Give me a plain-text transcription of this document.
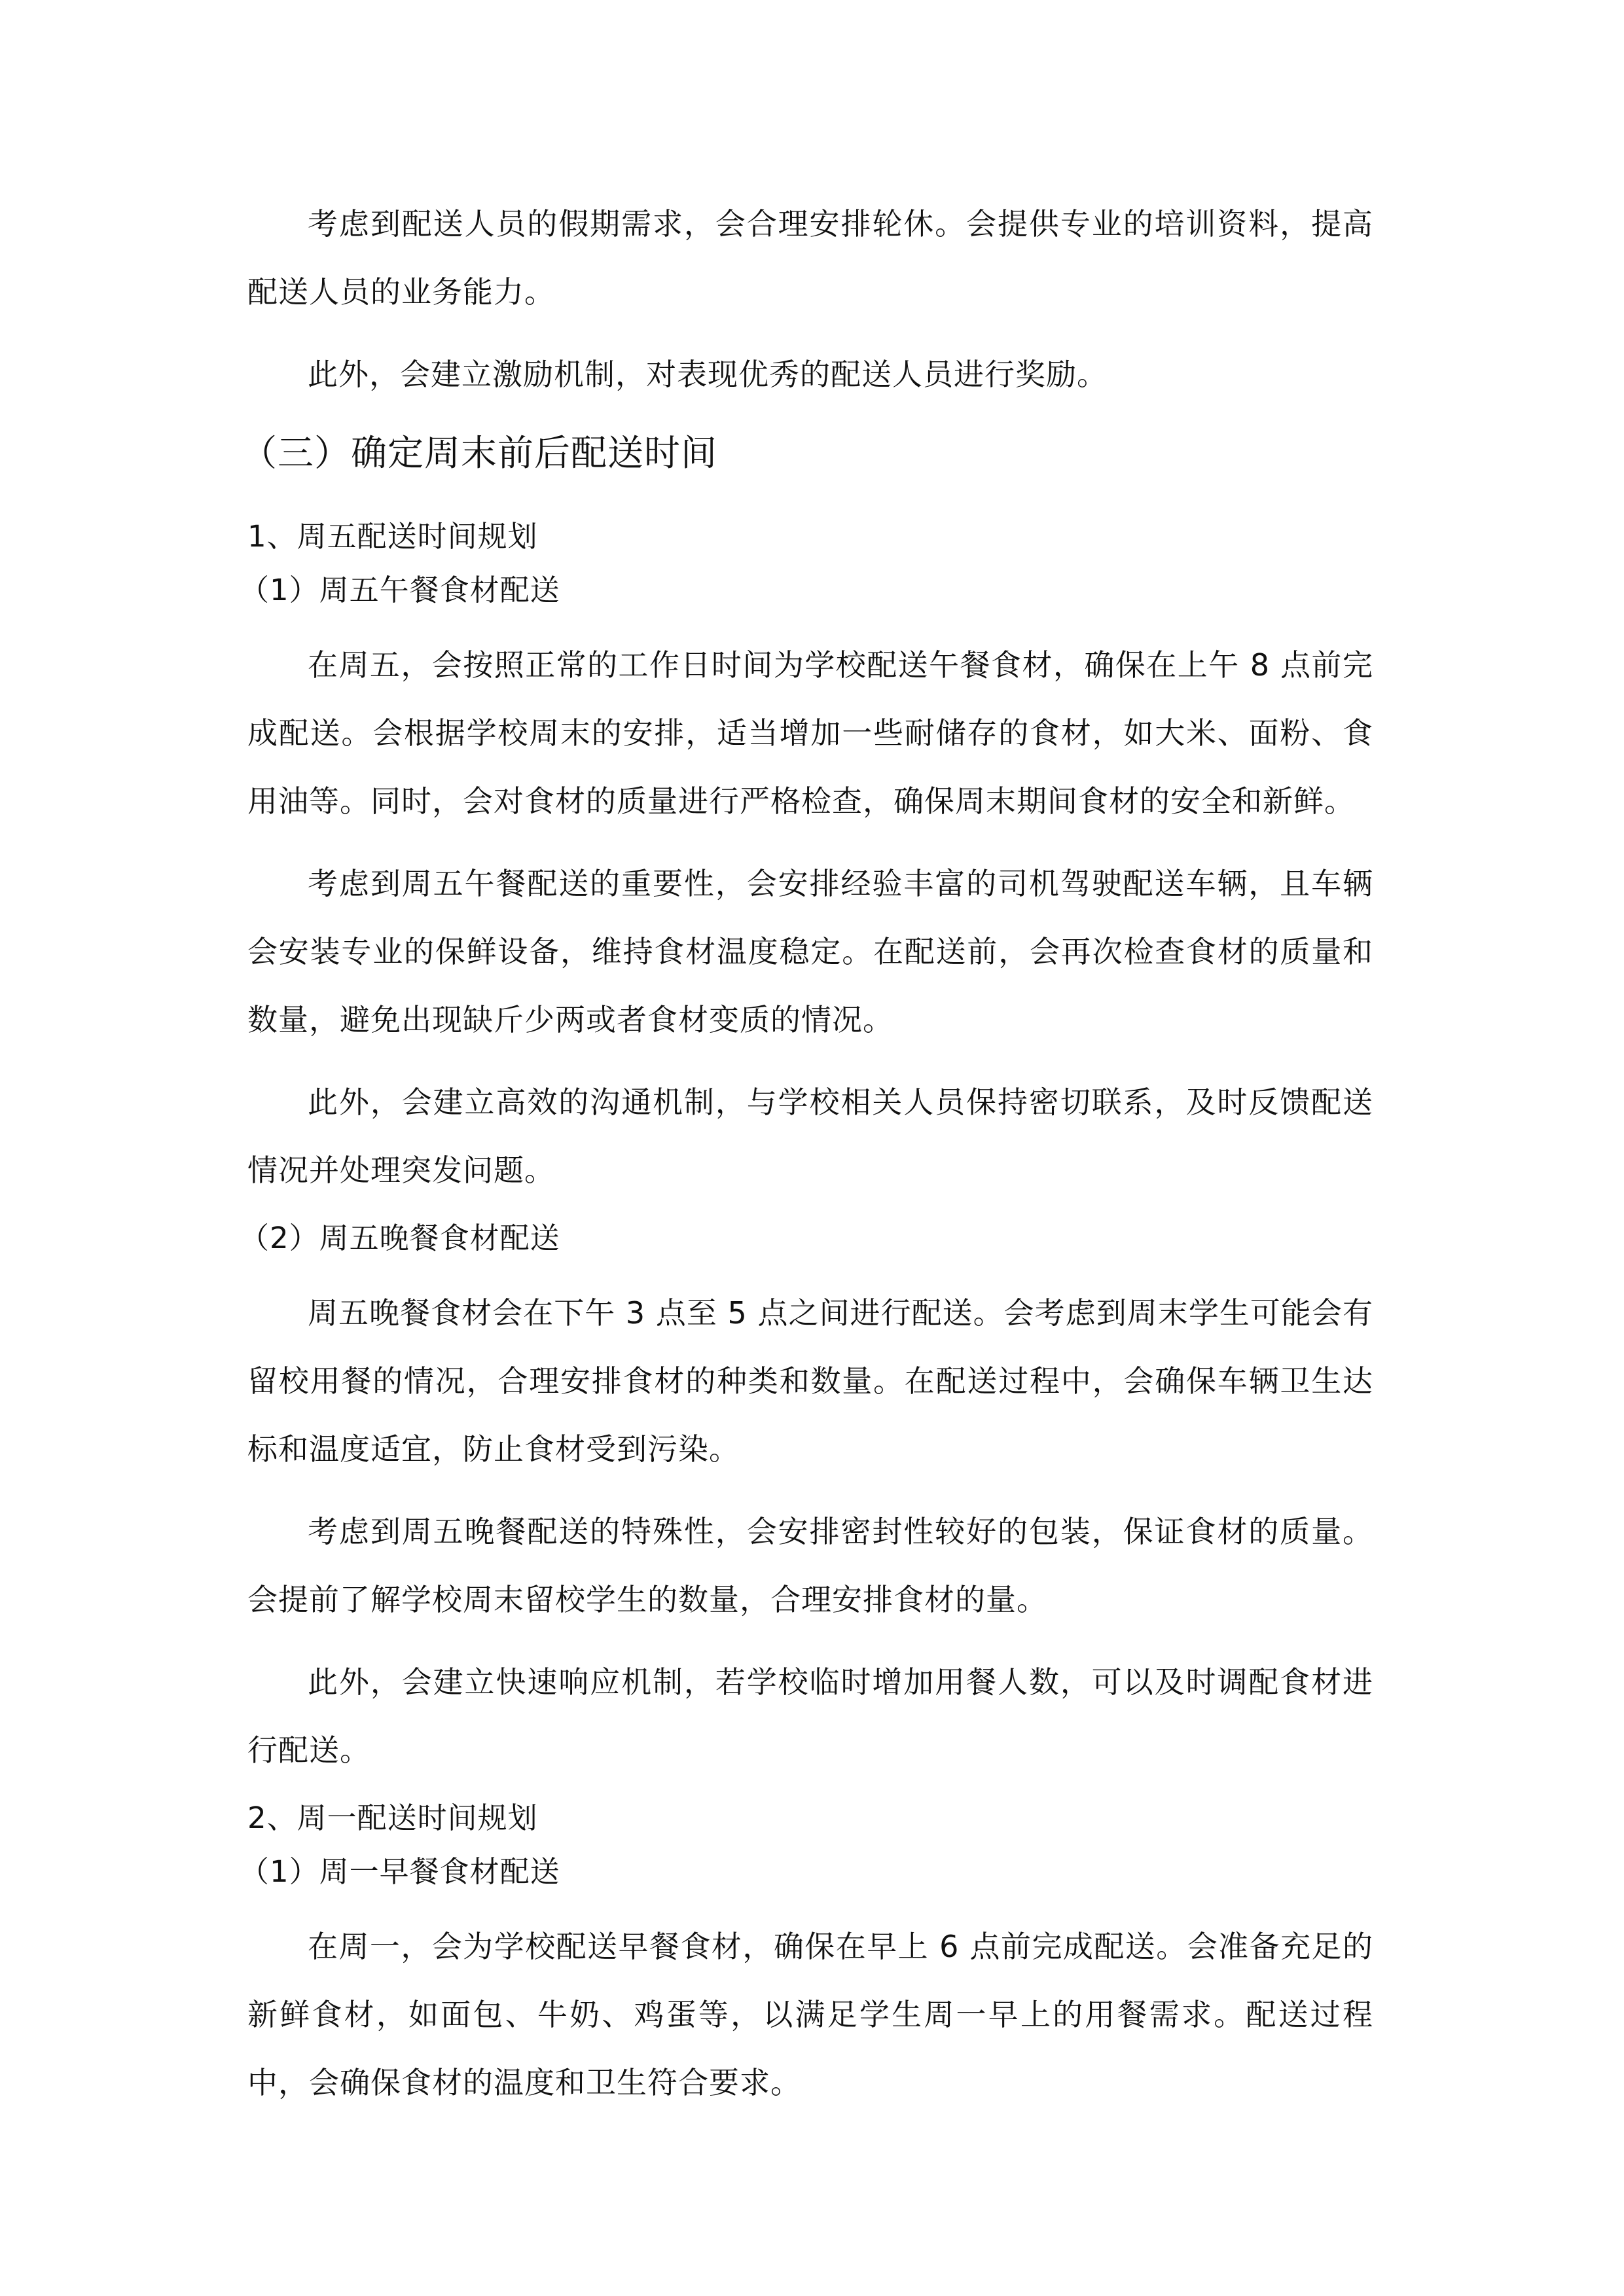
考虑到配送人员的假期需求，会合理安排轮休。会提供专业的培训资料，提高配送人员的业务能力。

此外，会建立激励机制，对表现优秀的配送人员进行奖励。

（三）确定周末前后配送时间
1、周五配送时间规划
（1）周五午餐食材配送

在周五，会按照正常的工作日时间为学校配送午餐食材，确保在上午 8 点前完成配送。会根据学校周末的安排，适当增加一些耐储存的食材，如大米、面粉、食用油等。同时，会对食材的质量进行严格检查，确保周末期间食材的安全和新鲜。

考虑到周五午餐配送的重要性，会安排经验丰富的司机驾驶配送车辆，且车辆会安装专业的保鲜设备，维持食材温度稳定。在配送前，会再次检查食材的质量和数量，避免出现缺斤少两或者食材变质的情况。

此外，会建立高效的沟通机制，与学校相关人员保持密切联系，及时反馈配送情况并处理突发问题。

（2）周五晚餐食材配送

周五晚餐食材会在下午 3 点至 5 点之间进行配送。会考虑到周末学生可能会有留校用餐的情况，合理安排食材的种类和数量。在配送过程中，会确保车辆卫生达标和温度适宜，防止食材受到污染。

考虑到周五晚餐配送的特殊性，会安排密封性较好的包装，保证食材的质量。会提前了解学校周末留校学生的数量，合理安排食材的量。

此外，会建立快速响应机制，若学校临时增加用餐人数，可以及时调配食材进行配送。

2、周一配送时间规划
（1）周一早餐食材配送

在周一，会为学校配送早餐食材，确保在早上 6 点前完成配送。会准备充足的新鲜食材，如面包、牛奶、鸡蛋等，以满足学生周一早上的用餐需求。配送过程中，会确保食材的温度和卫生符合要求。
